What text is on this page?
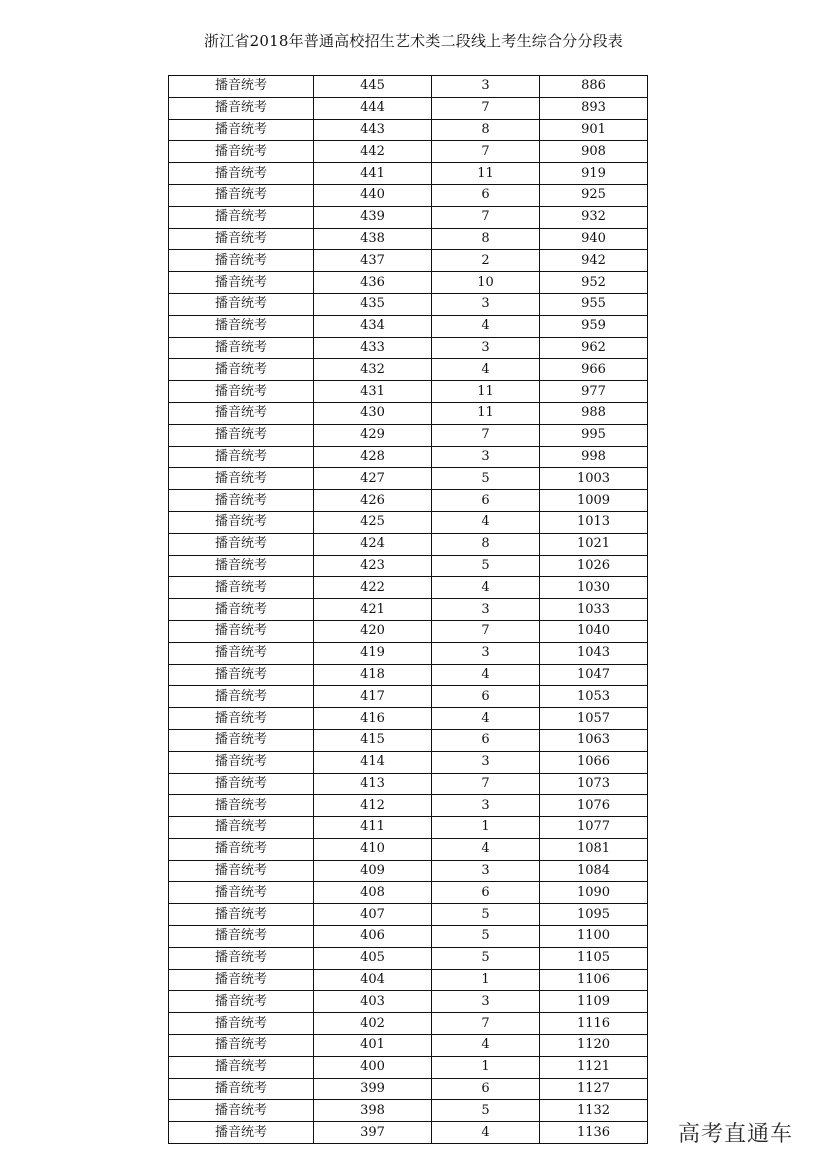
浙江省2018年普通高校招生艺术类二段线上考生综合分分段表
播音统考	445	3	886
播音统考	444	7	893
播音统考	443	8	901
播音统考	442	7	908
播音统考	441	11	919
播音统考	440	6	925
播音统考	439	7	932
播音统考	438	8	940
播音统考	437	2	942
播音统考	436	10	952
播音统考	435	3	955
播音统考	434	4	959
播音统考	433	3	962
播音统考	432	4	966
播音统考	431	11	977
播音统考	430	11	988
播音统考	429	7	995
播音统考	428	3	998
播音统考	427	5	1003
播音统考	426	6	1009
播音统考	425	4	1013
播音统考	424	8	1021
播音统考	423	5	1026
播音统考	422	4	1030
播音统考	421	3	1033
播音统考	420	7	1040
播音统考	419	3	1043
播音统考	418	4	1047
播音统考	417	6	1053
播音统考	416	4	1057
播音统考	415	6	1063
播音统考	414	3	1066
播音统考	413	7	1073
播音统考	412	3	1076
播音统考	411	1	1077
播音统考	410	4	1081
播音统考	409	3	1084
播音统考	408	6	1090
播音统考	407	5	1095
播音统考	406	5	1100
播音统考	405	5	1105
播音统考	404	1	1106
播音统考	403	3	1109
播音统考	402	7	1116
播音统考	401	4	1120
播音统考	400	1	1121
播音统考	399	6	1127
播音统考	398	5	1132
播音统考	397	4	1136	高考直通车
